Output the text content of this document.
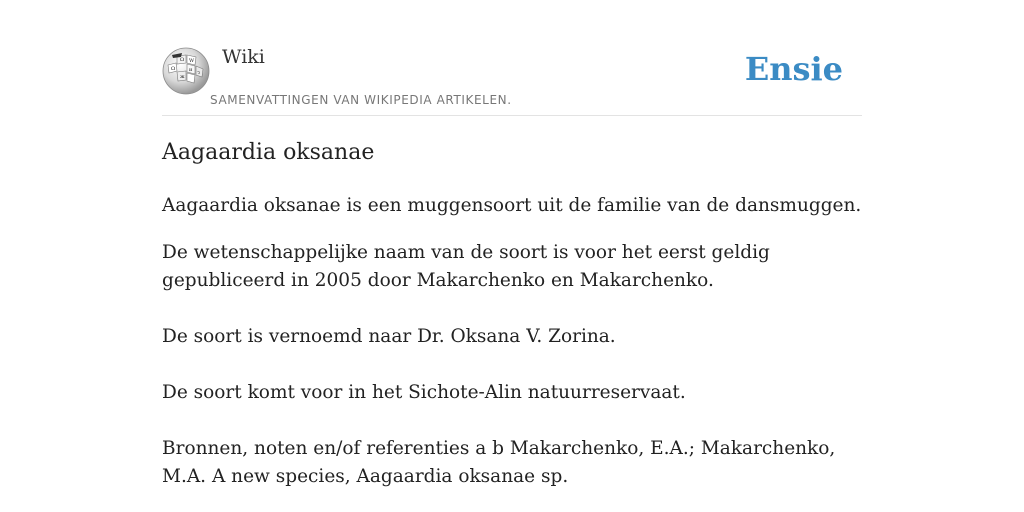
Ω W
Ω	и
ж
ว
Wiki
SAMENVATTINGEN VAN WIKIPEDIA ARTIKELEN.
Ensie
Aagaardia oksanae

Aagaardia oksanae is een muggensoort uit de familie van de dansmuggen.

De wetenschappelijke naam van de soort is voor het eerst geldig gepubliceerd in 2005 door Makarchenko en Makarchenko.

De soort is vernoemd naar Dr. Oksana V. Zorina.

De soort komt voor in het Sichote-Alin natuurreservaat.

Bronnen, noten en/of referenties a b Makarchenko, E.A.; Makarchenko, M.A. A new species, Aagaardia oksanae sp.
